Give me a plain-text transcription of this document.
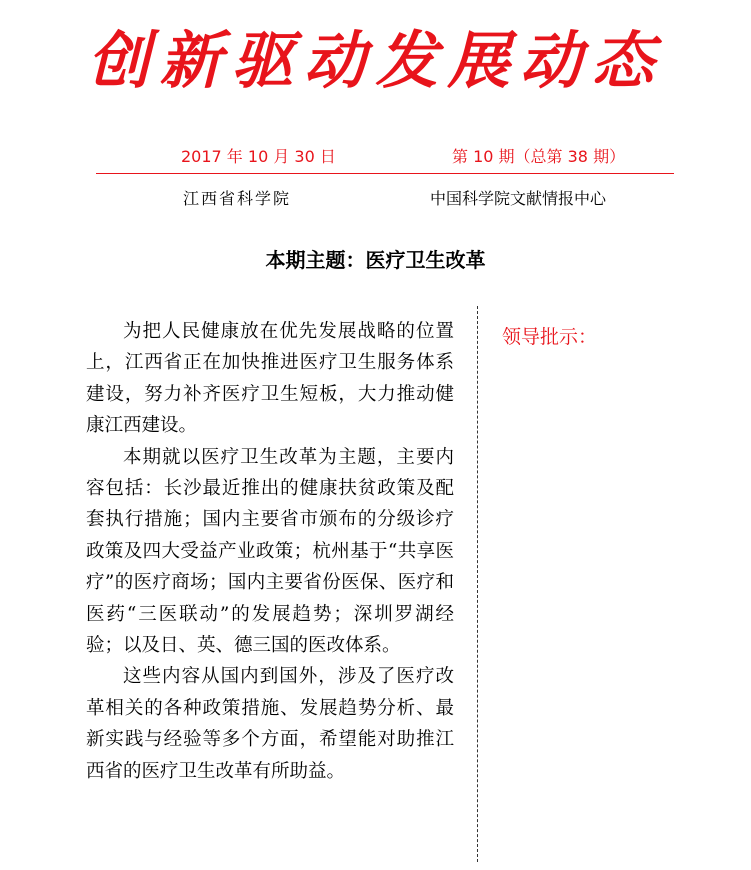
创新驱动发展动态
2017 年 10 月 30 日	第 10 期（总第 38 期）
江西省科学院	中国科学院文献情报中心
本期主题：医疗卫生改革

为把人民健康放在优先发展战略的位置上，江西省正在加快推进医疗卫生服务体系建设，努力补齐医疗卫生短板，大力推动健康江西建设。

本期就以医疗卫生改革为主题，主要内容包括：长沙最近推出的健康扶贫政策及配套执行措施；国内主要省市颁布的分级诊疗政策及四大受益产业政策；杭州基于“共享医疗”的医疗商场；国内主要省份医保、医疗和医药“三医联动”的发展趋势；深圳罗湖经验；以及日、英、德三国的医改体系。

这些内容从国内到国外，涉及了医疗改革相关的各种政策措施、发展趋势分析、最新实践与经验等多个方面，希望能对助推江西省的医疗卫生改革有所助益。

领导批示：
